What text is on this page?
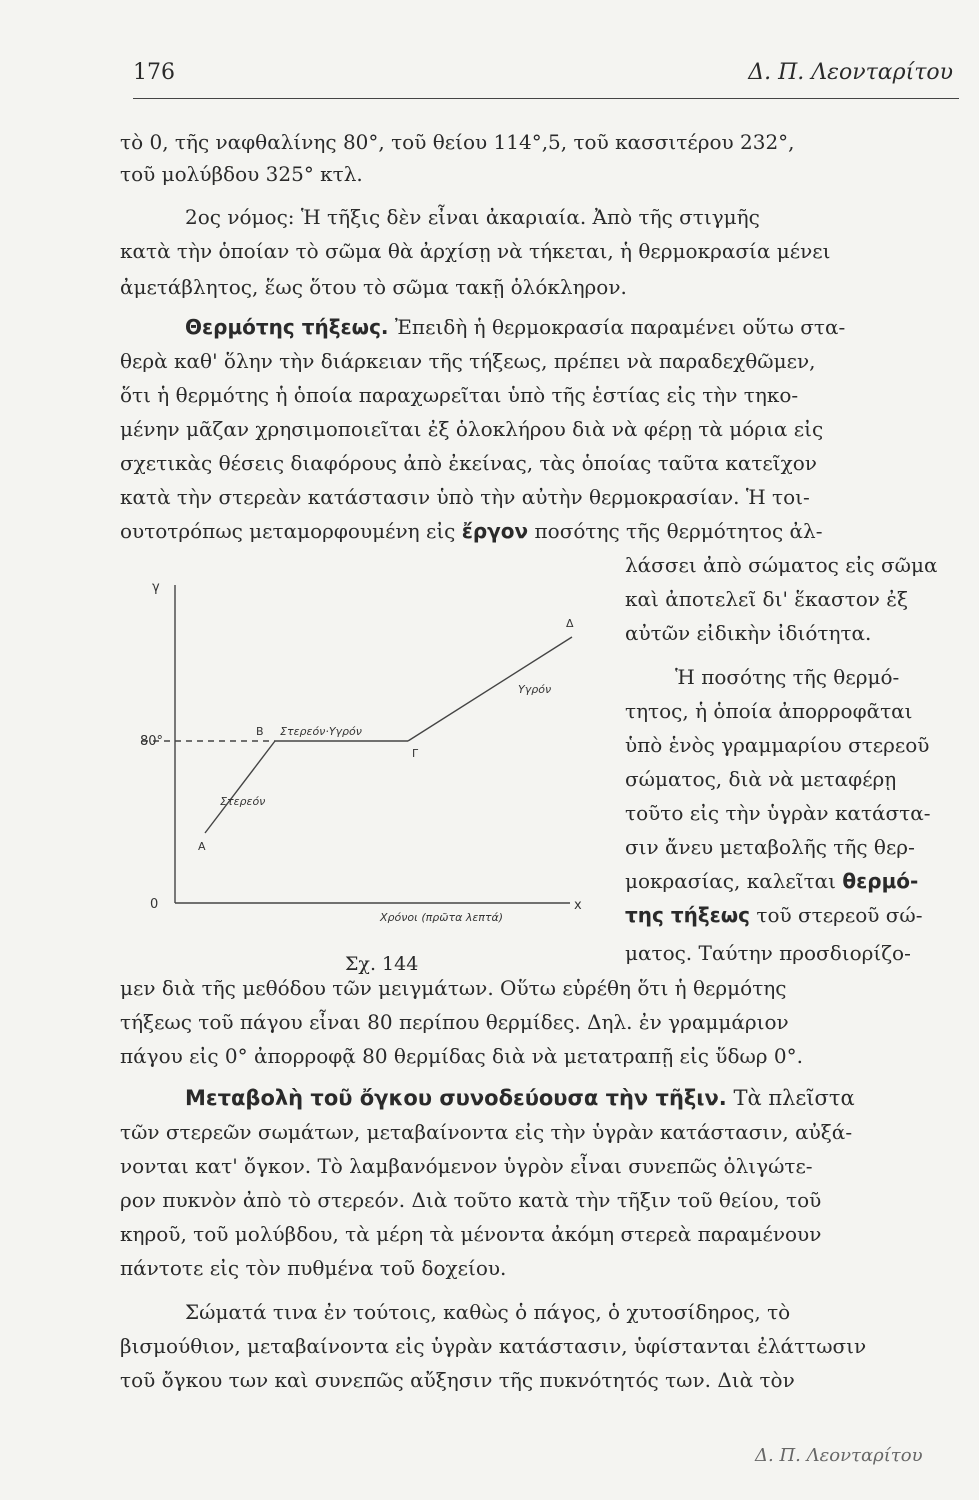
176	Δ. Π. Λεονταρίτου
τὸ 0, τῆς ναφθαλίνης 80°, τοῦ θείου 114°,5, τοῦ κασσιτέρου 232°,
τοῦ μολύβδου 325° κτλ.
2ος νόμος: Ἡ τῆξις δὲν εἶναι ἀκαριαία. Ἀπὸ τῆς στιγμῆς
κατὰ τὴν ὁποίαν τὸ σῶμα θὰ ἀρχίσῃ νὰ τήκεται, ἡ θερμοκρασία μένει
ἀμετάβλητος, ἕως ὅτου τὸ σῶμα τακῇ ὁλόκληρον.
Θερμότης τήξεως. Ἐπειδὴ ἡ θερμοκρασία παραμένει οὕτω στα-
θερὰ καθ' ὅλην τὴν διάρκειαν τῆς τήξεως, πρέπει νὰ παραδεχθῶμεν,
ὅτι ἡ θερμότης ἡ ὁποία παραχωρεῖται ὑπὸ τῆς ἑστίας εἰς τὴν τηκο-
μένην μᾶζαν χρησιμοποιεῖται ἐξ ὁλοκλήρου διὰ νὰ φέρῃ τὰ μόρια εἰς
σχετικὰς θέσεις διαφόρους ἀπὸ ἐκείνας, τὰς ὁποίας ταῦτα κατεῖχον
κατὰ τὴν στερεὰν κατάστασιν ὑπὸ τὴν αὐτὴν θερμοκρασίαν. Ἡ τοι-
ουτοτρόπως μεταμορφουμένη εἰς ἔργον ποσότης τῆς θερμότητος ἀλ-
λάσσει ἀπὸ σώματος εἰς σῶμα
καὶ ἀποτελεῖ δι' ἕκαστον ἐξ
αὐτῶν εἰδικὴν ἰδιότητα.
Ἡ ποσότης τῆς θερμό-
τητος, ἡ ὁποία ἀπορροφᾶται
ὑπὸ ἑνὸς γραμμαρίου στερεοῦ
σώματος, διὰ νὰ μεταφέρῃ
τοῦτο εἰς τὴν ὑγρὰν κατάστα-
σιν ἄνευ μεταβολῆς τῆς θερ-
μοκρασίας, καλεῖται θερμό-
της τήξεως τοῦ στερεοῦ σώ-
ματος. Ταύτην προσδιορίζο-
γ
80°
0	x
A
B
Γ
Δ
Στερεόν
Στερεόν·Υγρόν
Υγρόν
Χρόνοι (πρῶτα λεπτά)
Σχ. 144
μεν διὰ τῆς μεθόδου τῶν μειγμάτων. Οὕτω εὑρέθη ὅτι ἡ θερμότης
τήξεως τοῦ πάγου εἶναι 80 περίπου θερμίδες. Δηλ. ἐν γραμμάριον
πάγου εἰς 0° ἀπορροφᾷ 80 θερμίδας διὰ νὰ μετατραπῇ εἰς ὕδωρ 0°.
Μεταβολὴ τοῦ ὄγκου συνοδεύουσα τὴν τῆξιν. Τὰ πλεῖστα
τῶν στερεῶν σωμάτων, μεταβαίνοντα εἰς τὴν ὑγρὰν κατάστασιν, αὐξά-
νονται κατ' ὄγκον. Τὸ λαμβανόμενον ὑγρὸν εἶναι συνεπῶς ὀλιγώτε-
ρον πυκνὸν ἀπὸ τὸ στερεόν. Διὰ τοῦτο κατὰ τὴν τῆξιν τοῦ θείου, τοῦ
κηροῦ, τοῦ μολύβδου, τὰ μέρη τὰ μένοντα ἀκόμη στερεὰ παραμένουν
πάντοτε εἰς τὸν πυθμένα τοῦ δοχείου.
Σώματά τινα ἐν τούτοις, καθὼς ὁ πάγος, ὁ χυτοσίδηρος, τὸ
βισμούθιον, μεταβαίνοντα εἰς ὑγρὰν κατάστασιν, ὑφίστανται ἐλάττωσιν
τοῦ ὄγκου των καὶ συνεπῶς αὔξησιν τῆς πυκνότητός των. Διὰ τὸν
Δ. Π. Λεονταρίτου
